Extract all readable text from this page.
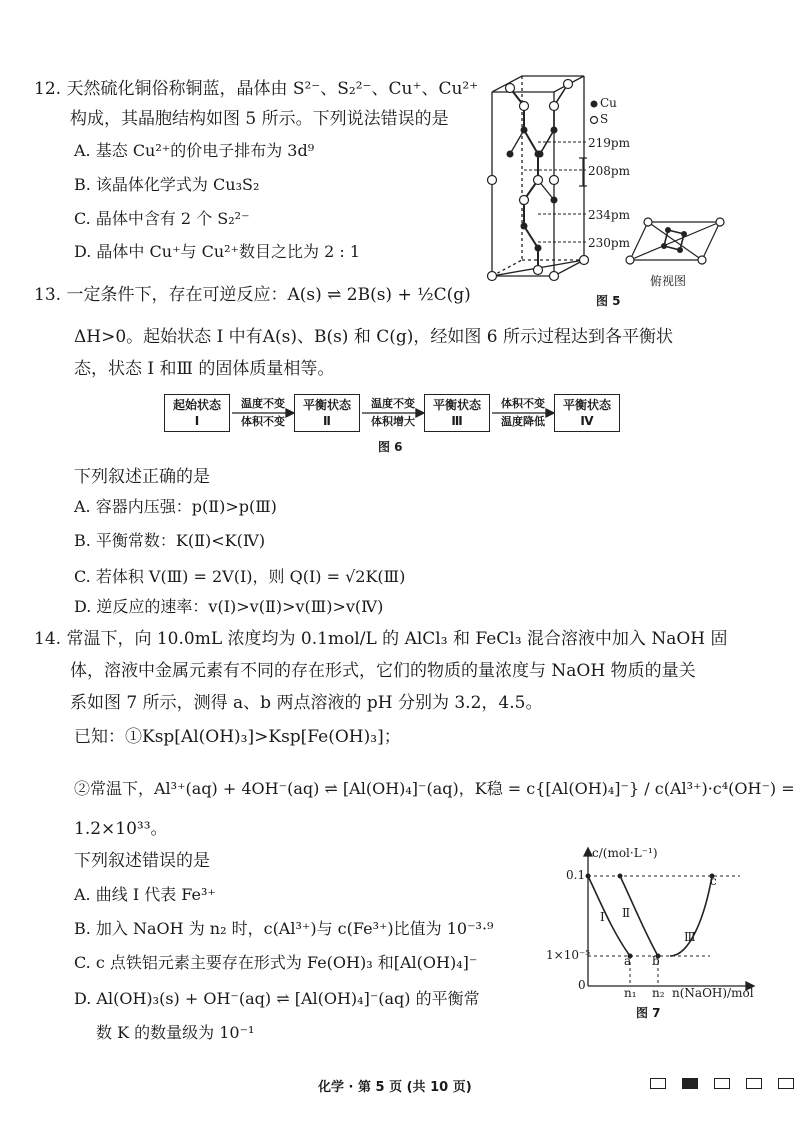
12. 天然硫化铜俗称铜蓝，晶体由 S²⁻、S₂²⁻、Cu⁺、Cu²⁺
构成，其晶胞结构如图 5 所示。下列说法错误的是
A. 基态 Cu²⁺的价电子排布为 3d⁹
B. 该晶体化学式为 Cu₃S₂
C. 晶体中含有 2 个 S₂²⁻
D. 晶体中 Cu⁺与 Cu²⁺数目之比为 2 : 1
Cu
S
219pm
208pm
234pm
230pm
俯视图
图 5
13. 一定条件下，存在可逆反应：A(s) ⇌ 2B(s) + ½C(g)
ΔH>0。起始状态 Ⅰ 中有A(s)、B(s) 和 C(g)，经如图 6 所示过程达到各平衡状
态，状态 Ⅰ 和Ⅲ 的固体质量相等。
起始状态
Ⅰ
平衡状态
Ⅱ
平衡状态
Ⅲ
平衡状态
Ⅳ
温度不变
体积不变
温度不变
体积增大
体积不变
温度降低
图 6
下列叙述正确的是
A. 容器内压强：p(Ⅱ)>p(Ⅲ)
B. 平衡常数：K(Ⅱ)<K(Ⅳ)
C. 若体积 V(Ⅲ) = 2V(Ⅰ)，则 Q(Ⅰ) = √2K(Ⅲ)
D. 逆反应的速率：v(Ⅰ)>v(Ⅱ)>v(Ⅲ)>v(Ⅳ)
14. 常温下，向 10.0mL 浓度均为 0.1mol/L 的 AlCl₃ 和 FeCl₃ 混合溶液中加入 NaOH 固
体，溶液中金属元素有不同的存在形式，它们的物质的量浓度与 NaOH 物质的量关
系如图 7 所示，测得 a、b 两点溶液的 pH 分别为 3.2，4.5。
已知：①Ksp[Al(OH)₃]>Ksp[Fe(OH)₃]；
②常温下，Al³⁺(aq) + 4OH⁻(aq) ⇌ [Al(OH)₄]⁻(aq)，K稳 = c{[Al(OH)₄]⁻} / c(Al³⁺)·c⁴(OH⁻) =
1.2×10³³。
下列叙述错误的是
A. 曲线 Ⅰ 代表 Fe³⁺
B. 加入 NaOH 为 n₂ 时，c(Al³⁺)与 c(Fe³⁺)比值为 10⁻³·⁹
C. c 点铁铝元素主要存在形式为 Fe(OH)₃ 和[Al(OH)₄]⁻
D. Al(OH)₃(s) + OH⁻(aq) ⇌ [Al(OH)₄]⁻(aq) 的平衡常
数 K 的数量级为 10⁻¹
c/(mol·L⁻¹)
0.1
1×10⁻⁵
0
n₁ n₂ n(NaOH)/mol
Ⅰ Ⅱ
Ⅲ
a b
c
图 7
化学 · 第 5 页 (共 10 页)
